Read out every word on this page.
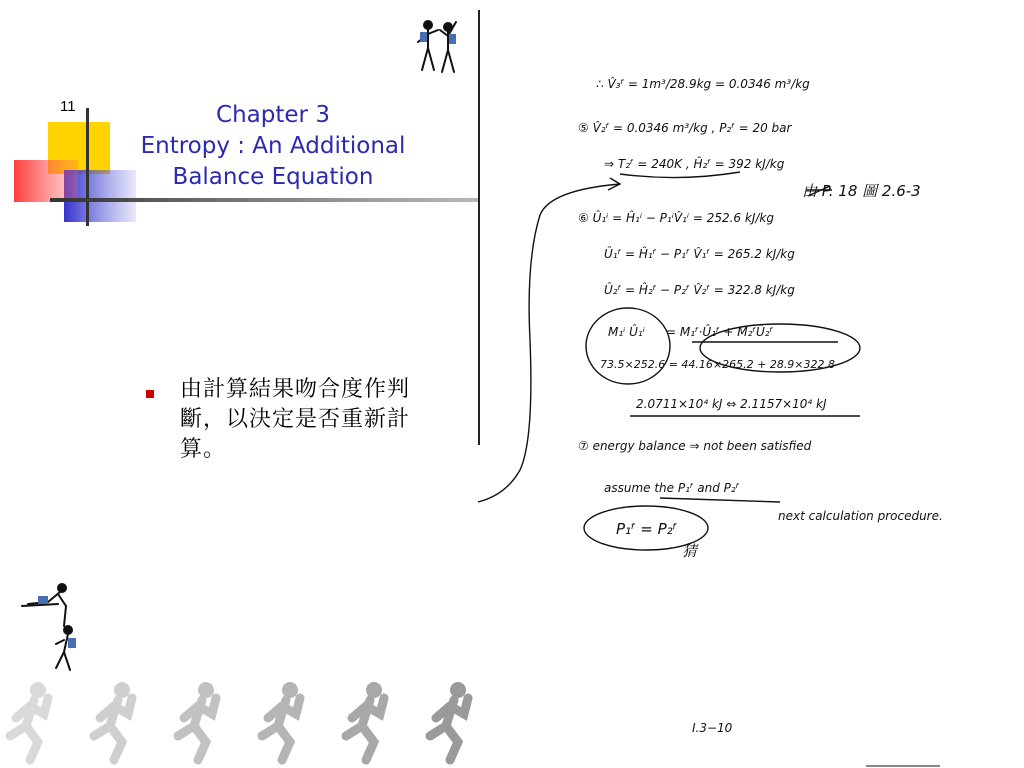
11	Chapter 3
Entropy : An Additional
Balance Equation
由計算結果吻合度作判斷，以決定是否重新計算。
∴ V̂₃ᶠ = 1m³/28.9kg = 0.0346 m³/kg
⑤ V̂₂ᶠ = 0.0346 m³/kg , P₂ᶠ = 20 bar
⇒ T₂ᶠ = 240K , Ĥ₂ᶠ = 392 kJ/kg
由 P. 18 圖 2.6-3
⑥ Û₁ⁱ = Ĥ₁ⁱ − P₁ⁱV̂₁ⁱ = 252.6 kJ/kg
Û₁ᶠ = Ĥ₁ᶠ − P₁ᶠ V̂₁ᶠ = 265.2 kJ/kg
Û₂ᶠ = Ĥ₂ᶠ − P₂ᶠ V̂₂ᶠ = 322.8 kJ/kg
M₁ⁱ Û₁ⁱ = M₁ᶠ·Û₁ᶠ + M₂ᶠÛ₂ᶠ
73.5×252.6 = 44.16×265.2 + 28.9×322.8
2.0711×10⁴ kJ ⇔ 2.1157×10⁴ kJ
⑦ energy balance ⇒ not been satisfied
assume the P₁ᶠ and P₂ᶠ
next calculation procedure.
P₁ᶠ = P₂ᶠ
猜
I.3−10
